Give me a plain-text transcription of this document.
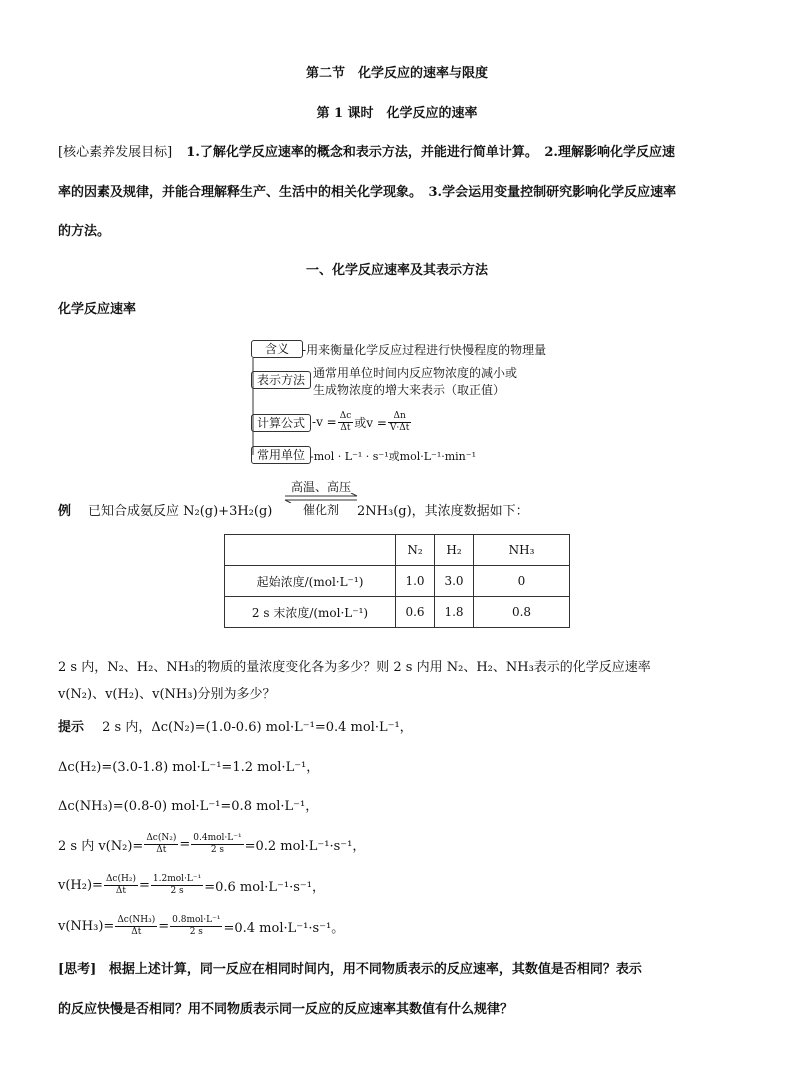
第二节　化学反应的速率与限度
第 1 课时　化学反应的速率
[核心素养发展目标] 1.了解化学反应速率的概念和表示方法，并能进行简单计算。　2.理解影响化学反应速
率的因素及规律，并能合理解释生产、生活中的相关化学现象。　3.学会运用变量控制研究影响化学反应速率
的方法。
一、化学反应速率及其表示方法
化学反应速率
含义	-用来衡量化学反应过程进行快慢程度的物理量
表示方法 通常用单位时间内反应物浓度的减小或
生成物浓度的增大来表示（取正值）
计算公式 - $v = \frac{\Delta c}{\Delta t}$ 或$v = \frac{\Delta n}{V\cdot\Delta t}$
常用单位 -mol · L⁻¹ · s⁻¹或mol·L⁻¹·min⁻¹
例 已知合成氨反应 N₂(g)+3H₂(g)
高温、高压
催化剂	2NH₃(g)，其浓度数据如下：
	N₂	H₂	NH₃
起始浓度/(mol·L⁻¹)	1.0	3.0	0
2 s 末浓度/(mol·L⁻¹)	0.6	1.8	0.8
2 s 内，N₂、H₂、NH₃的物质的量浓度变化各为多少？则 2 s 内用 N₂、H₂、NH₃表示的化学反应速率
v(N₂)、v(H₂)、v(NH₃)分别为多少？
提示 2 s 内，Δc(N₂)=(1.0-0.6) mol·L⁻¹=0.4 mol·L⁻¹，
Δc(H₂)=(3.0-1.8) mol·L⁻¹=1.2 mol·L⁻¹，
Δc(NH₃)=(0.8-0) mol·L⁻¹=0.8 mol·L⁻¹，
2 s 内 $v(N_2)= \frac{\text{Δc(N₂)}}{\Delta t} = \frac{\text{0.4mol·L⁻¹}}{2 s} =0.2$ mol·L⁻¹·s⁻¹，
$v(H_2)= \frac{\text{Δc(H₂)}}{\Delta t} = \frac{\text{1.2mol·L⁻¹}}{2 s} =0.6$ mol·L⁻¹·s⁻¹，
$v(NH_3)= \frac{\text{Δc(NH₃)}}{\Delta t} = \frac{\text{0.8mol·L⁻¹}}{2 s} =0.4$ mol·L⁻¹·s⁻¹。
[思考] 根据上述计算，同一反应在相同时间内，用不同物质表示的反应速率，其数值是否相同？表示
的反应快慢是否相同？用不同物质表示同一反应的反应速率其数值有什么规律？
